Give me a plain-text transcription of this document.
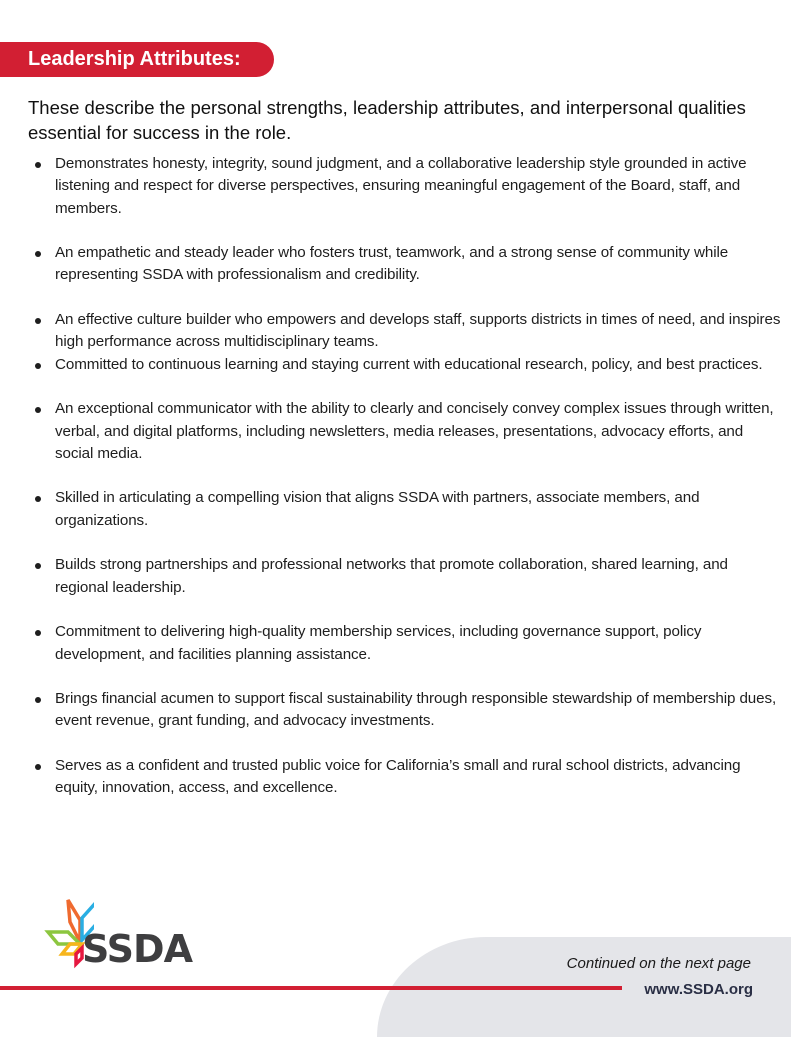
Leadership Attributes:

These describe the personal strengths, leadership attributes, and interpersonal qualities essential for success in the role.

Demonstrates honesty, integrity, sound judgment, and a collaborative leadership style grounded in active listening and respect for diverse perspectives, ensuring meaningful engagement of the Board, staff, and members.
An empathetic and steady leader who fosters trust, teamwork, and a strong sense of community while representing SSDA with professionalism and credibility.
An effective culture builder who empowers and develops staff, supports districts in times of need, and inspires high performance across multidisciplinary teams.
Committed to continuous learning and staying current with educational research, policy, and best practices.
An exceptional communicator with the ability to clearly and concisely convey complex issues through written, verbal, and digital platforms, including newsletters, media releases, presentations, advocacy efforts, and social media.
Skilled in articulating a compelling vision that aligns SSDA with partners, associate members, and organizations.
Builds strong partnerships and professional networks that promote collaboration, shared learning, and regional leadership.
Commitment to delivering high-quality membership services, including governance support, policy development, and facilities planning assistance.
Brings financial acumen to support fiscal sustainability through responsible stewardship of membership dues, event revenue, grant funding, and advocacy investments.
Serves as a confident and trusted public voice for California’s small and rural school districts, advancing equity, innovation, access, and excellence.
SSDA	Continued on the next page
www.SSDA.org
